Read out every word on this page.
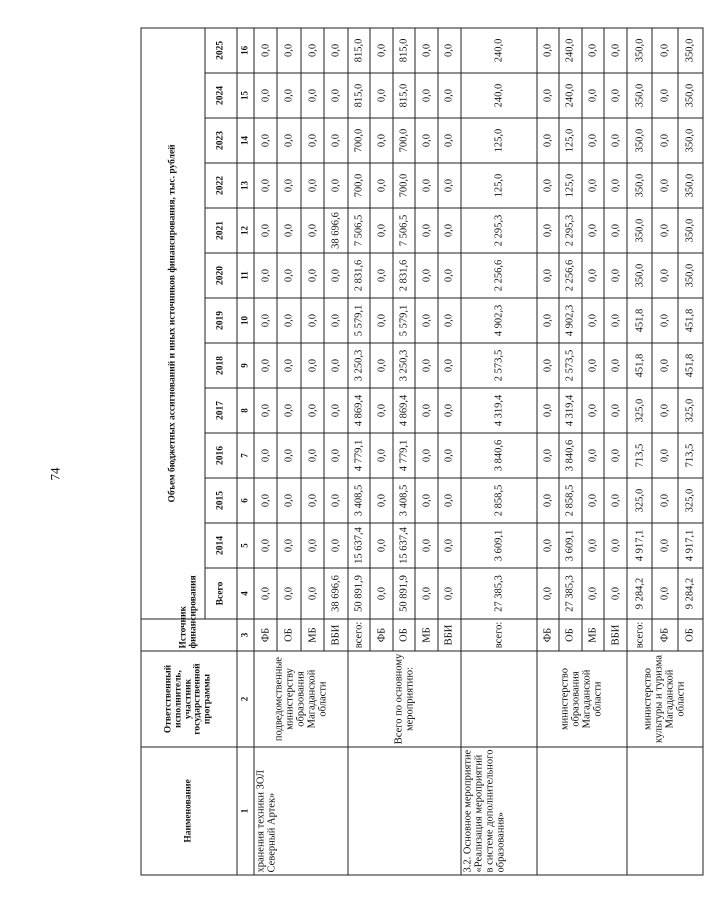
74
Наименование	Ответственный исполнитель, участник государственной программы	Источник финансирования	Объем бюджетных ассигнований и иных источников финансирования, тыс. рублей												
			Всего	2014	2015	2016	2017	2018	2019	2020	2021	2022	2023	2024	2025
1	2	3	4	5	6	7	8	9	10	11	12	13	14	15	16
хранения техники ЗОЛ Северный Артек»	подведомственные министерству образования Магаданской области	ФБ	0,0	0,0	0,0	0,0	0,0	0,0	0,0	0,0	0,0	0,0	0,0	0,0	0,0
		ОБ	0,0	0,0	0,0	0,0	0,0	0,0	0,0	0,0	0,0	0,0	0,0	0,0	0,0
		МБ	0,0	0,0	0,0	0,0	0,0	0,0	0,0	0,0	0,0	0,0	0,0	0,0	0,0
		ВБИ	38 696,6	0,0	0,0	0,0	0,0	0,0	0,0	0,0	38 696,6	0,0	0,0	0,0	0,0
	Всего по основному мероприятию:	всего:	50 891,9	15 637,4	3 408,5	4 779,1	4 869,4	3 250,3	5 579,1	2 831,6	7 506,5	700,0	700,0	815,0	815,0
		ФБ	0,0	0,0	0,0	0,0	0,0	0,0	0,0	0,0	0,0	0,0	0,0	0,0	0,0
		ОБ	50 891,9	15 637,4	3 408,5	4 779,1	4 869,4	3 250,3	5 579,1	2 831,6	7 506,5	700,0	700,0	815,0	815,0
		МБ	0,0	0,0	0,0	0,0	0,0	0,0	0,0	0,0	0,0	0,0	0,0	0,0	0,0
		ВБИ	0,0	0,0	0,0	0,0	0,0	0,0	0,0	0,0	0,0	0,0	0,0	0,0	0,0
3.2. Основное мероприятие «Реализация мероприятий в системе дополнительного образования»		всего:	27 385,3	3 609,1	2 858,5	3 840,6	4 319,4	2 573,5	4 902,3	2 256,6	2 295,3	125,0	125,0	240,0	240,0
	министерство образования Магаданской области	ФБ	0,0	0,0	0,0	0,0	0,0	0,0	0,0	0,0	0,0	0,0	0,0	0,0	0,0
		ОБ	27 385,3	3 609,1	2 858,5	3 840,6	4 319,4	2 573,5	4 902,3	2 256,6	2 295,3	125,0	125,0	240,0	240,0
		МБ	0,0	0,0	0,0	0,0	0,0	0,0	0,0	0,0	0,0	0,0	0,0	0,0	0,0
		ВБИ	0,0	0,0	0,0	0,0	0,0	0,0	0,0	0,0	0,0	0,0	0,0	0,0	0,0
	министерство культуры и туризма Магаданской области	всего:	9 284,2	4 917,1	325,0	713,5	325,0	451,8	451,8	350,0	350,0	350,0	350,0	350,0	350,0
		ФБ	0,0	0,0	0,0	0,0	0,0	0,0	0,0	0,0	0,0	0,0	0,0	0,0	0,0
		ОБ	9 284,2	4 917,1	325,0	713,5	325,0	451,8	451,8	350,0	350,0	350,0	350,0	350,0	350,0
